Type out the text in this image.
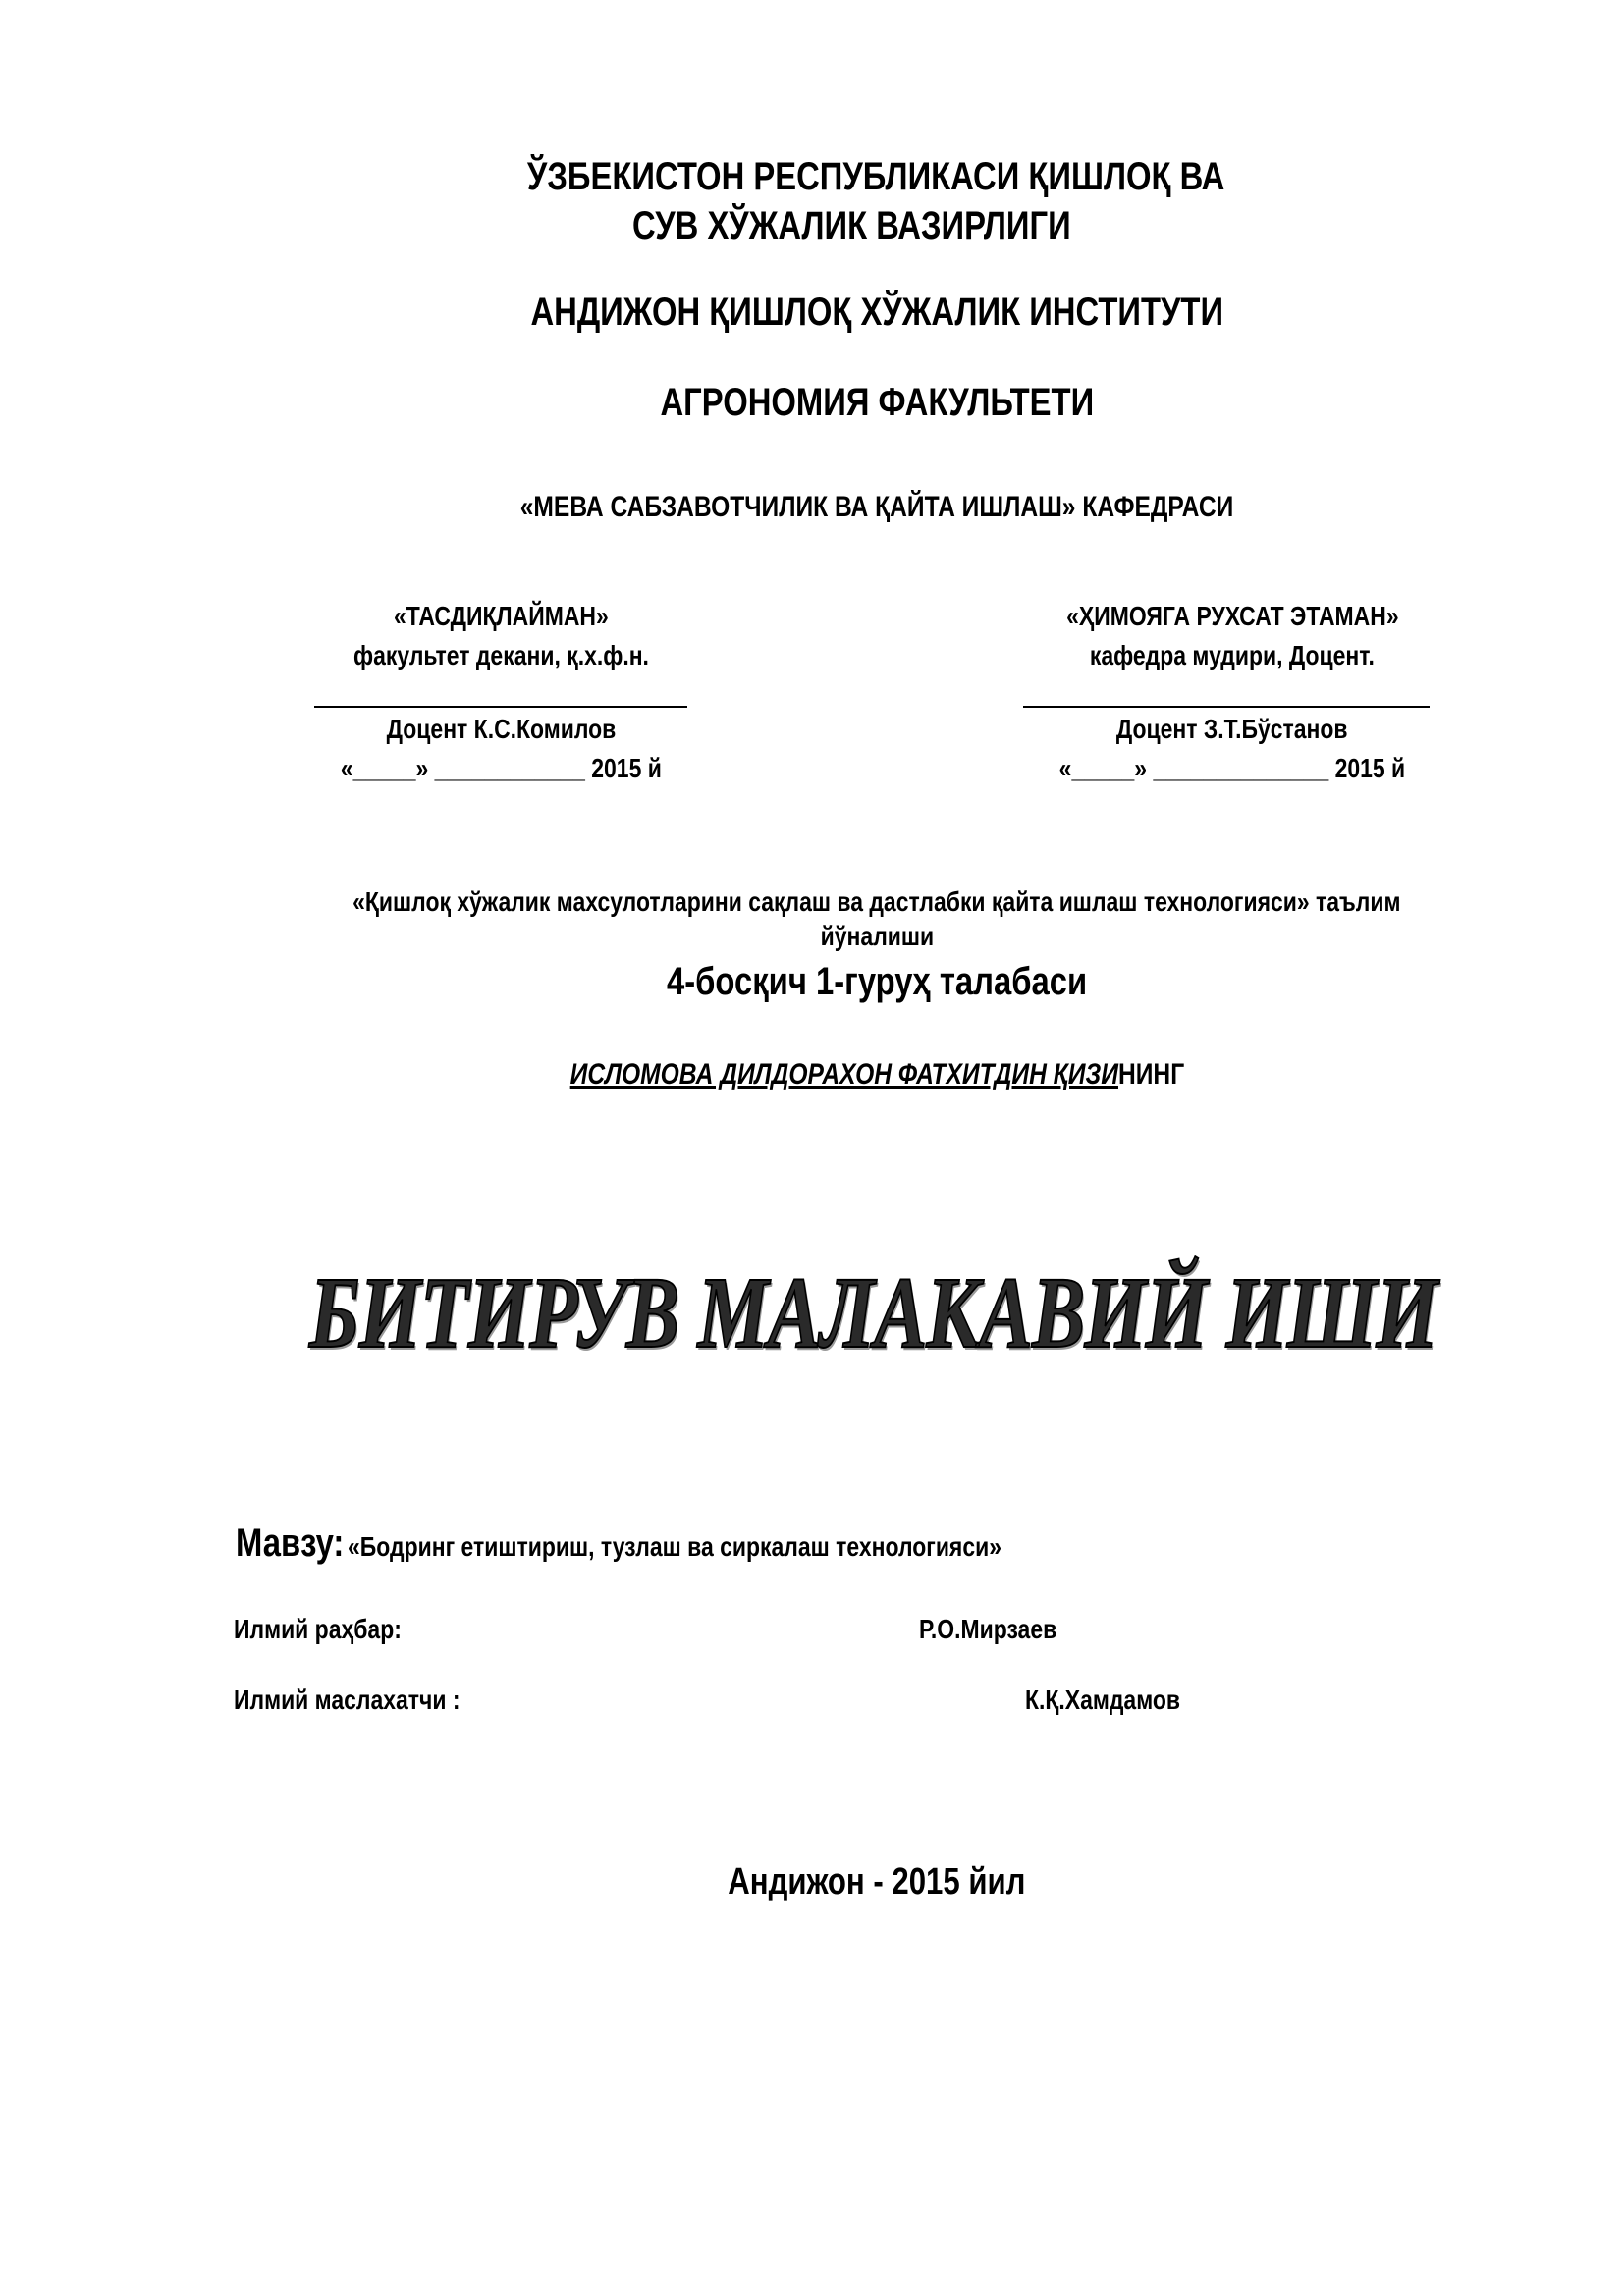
ЎЗБЕКИСТОН РЕСПУБЛИКАСИ ҚИШЛОҚ ВА
СУВ ХЎЖАЛИК ВАЗИРЛИГИ
АНДИЖОН ҚИШЛОҚ ХЎЖАЛИК ИНСТИТУТИ
АГРОНОМИЯ ФАКУЛЬТЕТИ
«МЕВА САБЗАВОТЧИЛИК ВА ҚАЙТА ИШЛАШ» КАФЕДРАСИ
«ТАСДИҚЛАЙМАН»
факультет декани, қ.х.ф.н.
Доцент К.С.Комилов
«_____» ____________ 2015 й
«ҲИМОЯГА РУХСАТ ЭТАМАН»
кафедра мудири, Доцент.
Доцент З.Т.Бўстанов
«_____» ______________ 2015 й
«Қишлоқ хўжалик махсулотларини сақлаш ва дастлабки қайта ишлаш технологияси» таълим
йўналиши
4-босқич 1-гуруҳ талабаси
ИСЛОМОВА ДИЛДОРАХОН ФАТХИТДИН ҚИЗИНИНГ
БИТИРУВ МАЛАКАВИЙ ИШИ
Мавзу: «Бодринг етиштириш, тузлаш ва сиркалаш технологияси»
Илмий раҳбар:	Р.О.Мирзаев
Илмий маслахатчи :	К.Қ.Хамдамов
Андижон - 2015 йил
